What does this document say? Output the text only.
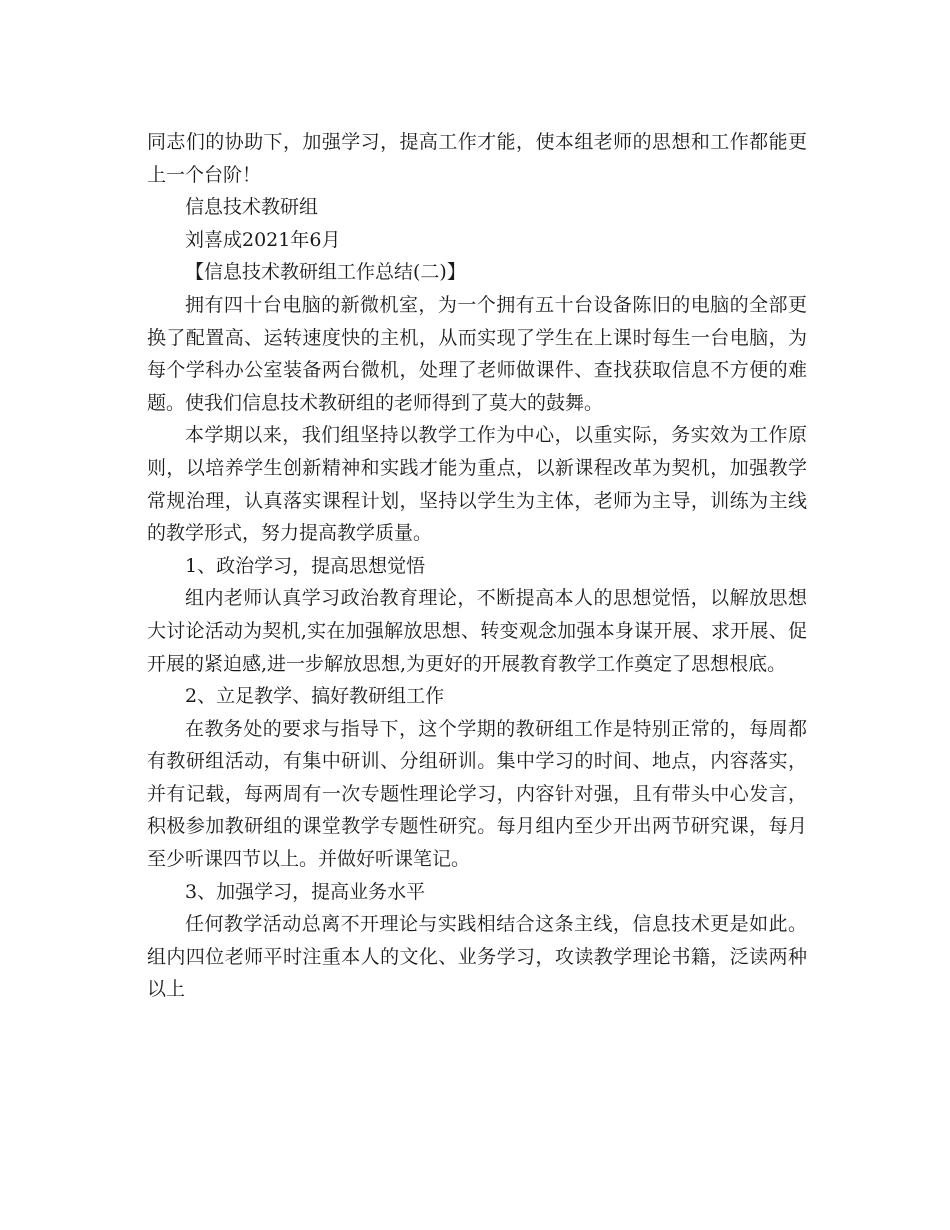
同志们的协助下，加强学习，提高工作才能，使本组老师的思想和工作都能更上一个台阶！

信息技术教研组

刘喜成2021年6月

【信息技术教研组工作总结(二)】

拥有四十台电脑的新微机室，为一个拥有五十台设备陈旧的电脑的全部更换了配置高、运转速度快的主机，从而实现了学生在上课时每生一台电脑，为每个学科办公室装备两台微机，处理了老师做课件、查找获取信息不方便的难题。使我们信息技术教研组的老师得到了莫大的鼓舞。

本学期以来，我们组坚持以教学工作为中心，以重实际，务实效为工作原则，以培养学生创新精神和实践才能为重点，以新课程改革为契机，加强教学常规治理，认真落实课程计划，坚持以学生为主体，老师为主导，训练为主线的教学形式，努力提高教学质量。

1、政治学习，提高思想觉悟

组内老师认真学习政治教育理论，不断提高本人的思想觉悟，以解放思想大讨论活动为契机,实在加强解放思想、转变观念加强本身谋开展、求开展、促开展的紧迫感,进一步解放思想,为更好的开展教育教学工作奠定了思想根底。

2、立足教学、搞好教研组工作

在教务处的要求与指导下，这个学期的教研组工作是特别正常的，每周都有教研组活动，有集中研训、分组研训。集中学习的时间、地点，内容落实，并有记载，每两周有一次专题性理论学习，内容针对强，且有带头中心发言，积极参加教研组的课堂教学专题性研究。每月组内至少开出两节研究课，每月至少听课四节以上。并做好听课笔记。

3、加强学习，提高业务水平

任何教学活动总离不开理论与实践相结合这条主线，信息技术更是如此。组内四位老师平时注重本人的文化、业务学习，攻读教学理论书籍，泛读两种以上
